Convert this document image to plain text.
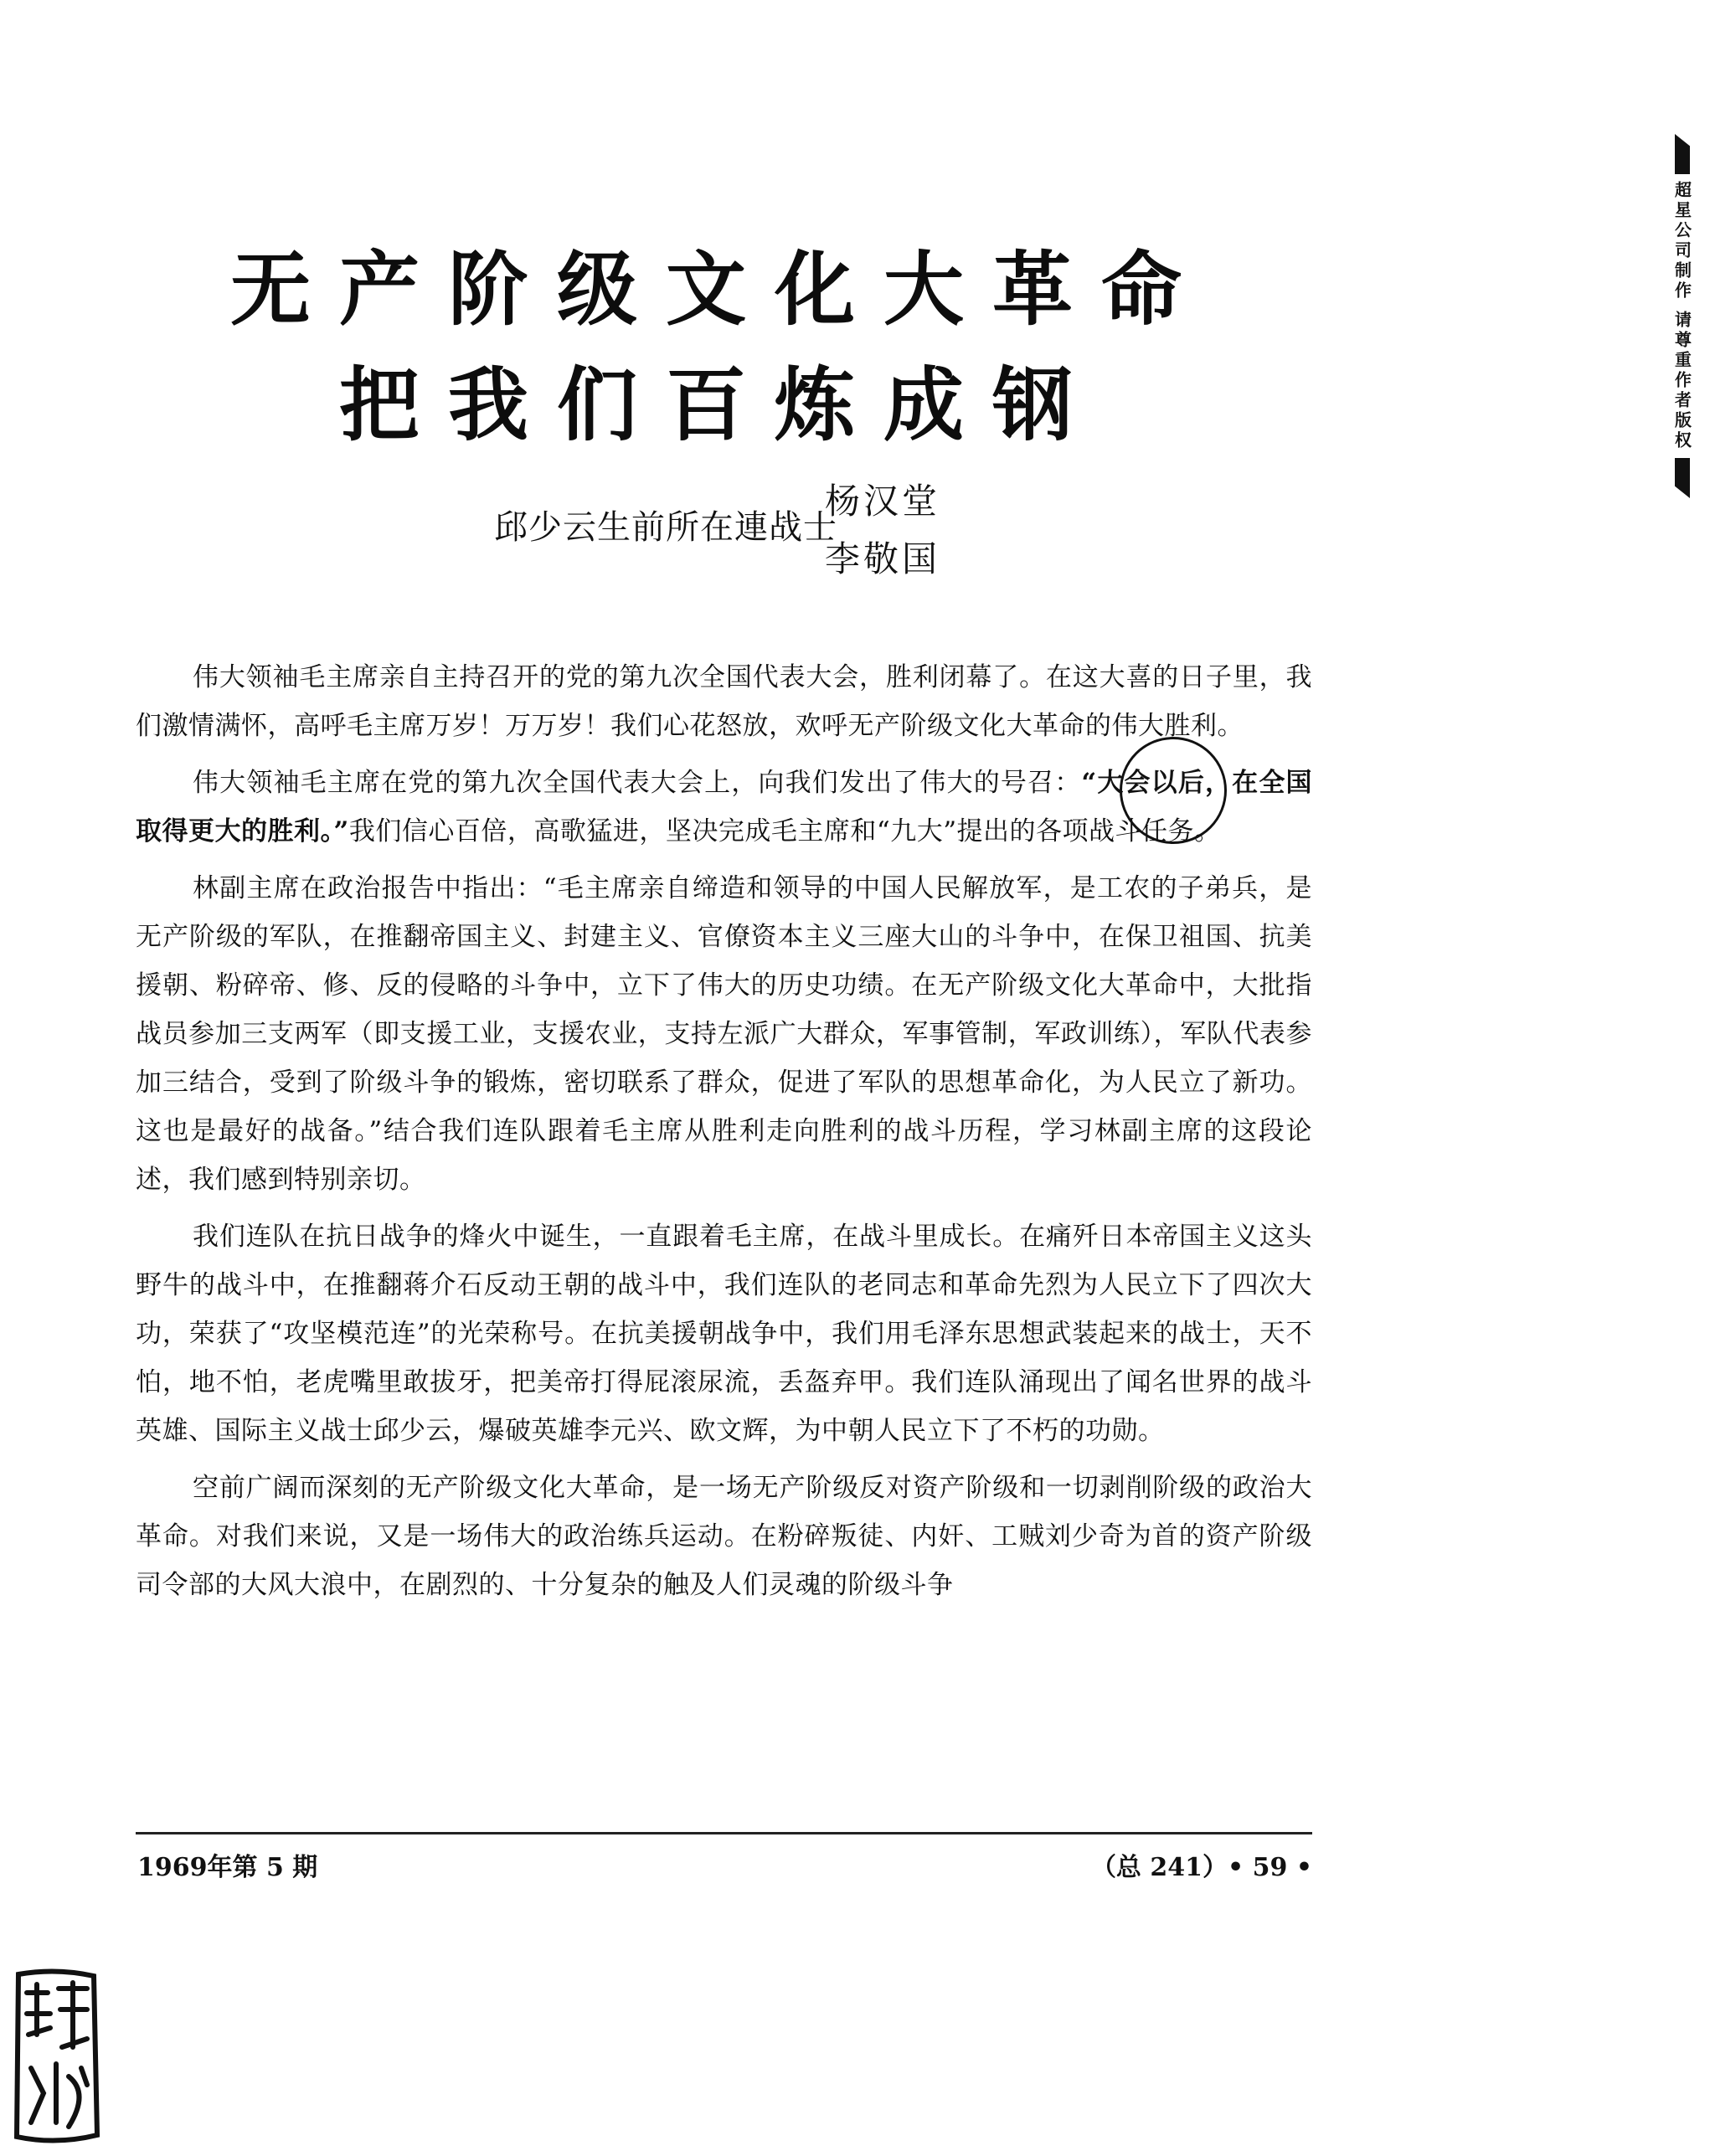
无产阶级文化大革命
把我们百炼成钢
邱少云生前所在連战士
杨汉堂
李敬国

伟大领袖毛主席亲自主持召开的党的第九次全国代表大会，胜利闭幕了。在这大喜的日子里，我们激情满怀，高呼毛主席万岁！万万岁！我们心花怒放，欢呼无产阶级文化大革命的伟大胜利。

伟大领袖毛主席在党的第九次全国代表大会上，向我们发出了伟大的号召：“大会以后，在全国取得更大的胜利。”我们信心百倍，高歌猛进，坚决完成毛主席和“九大”提出的各项战斗任务。

林副主席在政治报告中指出：“毛主席亲自缔造和领导的中国人民解放军，是工农的子弟兵，是无产阶级的军队，在推翻帝国主义、封建主义、官僚资本主义三座大山的斗争中，在保卫祖国、抗美援朝、粉碎帝、修、反的侵略的斗争中，立下了伟大的历史功绩。在无产阶级文化大革命中，大批指战员参加三支两军（即支援工业，支援农业，支持左派广大群众，军事管制，军政训练），军队代表参加三结合，受到了阶级斗争的锻炼，密切联系了群众，促进了军队的思想革命化，为人民立了新功。这也是最好的战备。”结合我们连队跟着毛主席从胜利走向胜利的战斗历程，学习林副主席的这段论述，我们感到特别亲切。

我们连队在抗日战争的烽火中诞生，一直跟着毛主席，在战斗里成长。在痛歼日本帝国主义这头野牛的战斗中，在推翻蒋介石反动王朝的战斗中，我们连队的老同志和革命先烈为人民立下了四次大功，荣获了“攻坚模范连”的光荣称号。在抗美援朝战争中，我们用毛泽东思想武装起来的战士，天不怕，地不怕，老虎嘴里敢拔牙，把美帝打得屁滚尿流，丢盔弃甲。我们连队涌现出了闻名世界的战斗英雄、国际主义战士邱少云，爆破英雄李元兴、欧文辉，为中朝人民立下了不朽的功勋。

空前广阔而深刻的无产阶级文化大革命，是一场无产阶级反对资产阶级和一切剥削阶级的政治大革命。对我们来说，又是一场伟大的政治练兵运动。在粉碎叛徒、内奸、工贼刘少奇为首的资产阶级司令部的大风大浪中，在剧烈的、十分复杂的触及人们灵魂的阶级斗争

1969年第 5 期	（总 241）• 59 •
超星公司制作 请尊重作者版权
